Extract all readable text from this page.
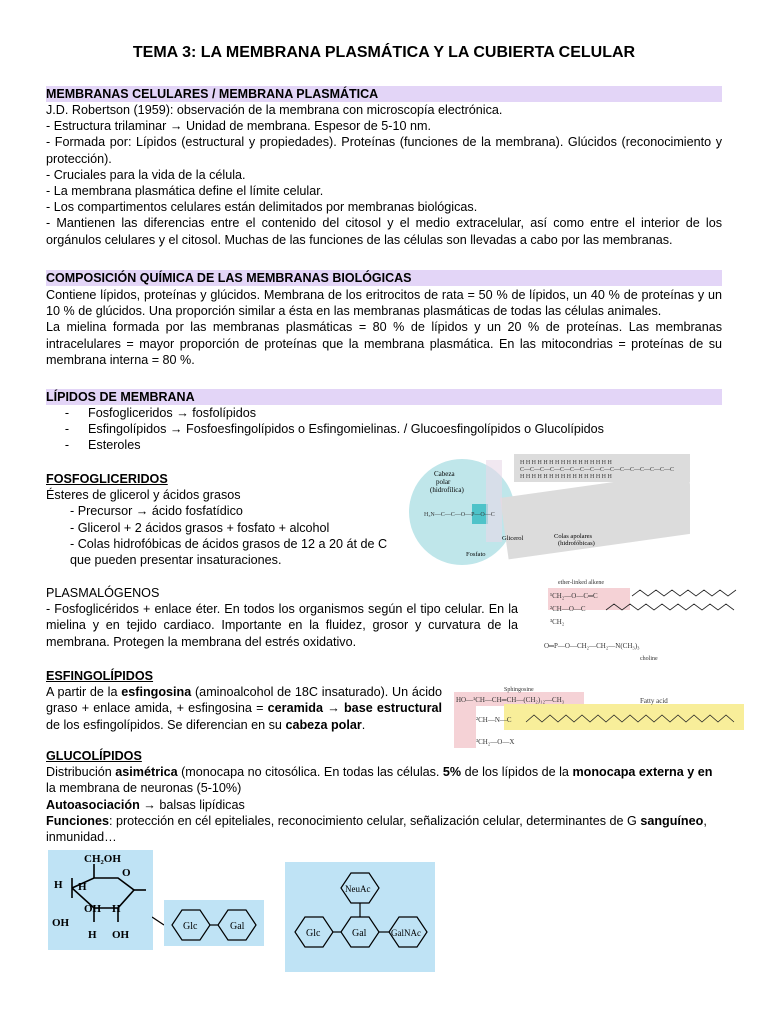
TEMA 3: LA MEMBRANA PLASMÁTICA Y LA CUBIERTA CELULAR
MEMBRANAS CELULARES / MEMBRANA PLASMÁTICA
J.D. Robertson (1959): observación de la membrana con microscopía electrónica.
- Estructura trilaminar → Unidad de membrana. Espesor de 5-10 nm.
- Formada por: Lípidos (estructural y propiedades). Proteínas (funciones de la membrana). Glúcidos (reconocimiento y protección).
- Cruciales para la vida de la célula.
- La membrana plasmática define el límite celular.
- Los compartimentos celulares están delimitados por membranas biológicas.
- Mantienen las diferencias entre el contenido del citosol y el medio extracelular, así como entre el interior de los orgánulos celulares y el citosol. Muchas de las funciones de las células son llevadas a cabo por las membranas.
COMPOSICIÓN QUÍMICA DE LAS MEMBRANAS BIOLÓGICAS
Contiene lípidos, proteínas y glúcidos. Membrana de los eritrocitos de rata = 50 % de lípidos, un 40 % de proteínas y un 10 % de glúcidos. Una proporción similar a ésta en las membranas plasmáticas de todas las células animales.
La mielina formada por las membranas plasmáticas = 80 % de lípidos y un 20 % de proteínas. Las membranas intracelulares = mayor proporción de proteínas que la membrana plasmática. En las mitocondrias = proteínas de su membrana interna = 80 %.
LÍPIDOS DE MEMBRANA
- Fosfogliceridos → fosfolípidos
- Esfingolípidos → Fosfoesfingolípidos o Esfingomielinas. / Glucoesfingolípidos o Glucolípidos
- Esteroles
FOSFOGLICERIDOS
Ésteres de glicerol y ácidos grasos
- Precursor → ácido fosfatídico
- Glicerol + 2 ácidos grasos + fosfato + alcohol
- Colas hidrofóbicas de ácidos grasos de 12 a 20 át de C
que pueden presentar insaturaciones.
Cabeza
polar
(hidrofílica)
Colas apolares
(hidrofóbicas)
Glicerol
Fosfato
H H H H H H H H H H H H H H H H
C—C—C—C—C—C—C—C—C—C—C—C—C—C—C—C
H H H H H H H H H H H H H H H H
H₃N—C—C—O—P—O—C
PLASMALÓGENOS
- Fosfoglicéridos + enlace éter. En todos los organismos según el tipo celular. En la mielina y en tejido cardiaco. Importante en la fluidez, grosor y curvatura de la membrana. Protegen la membrana del estrés oxidativo.
ether-linked alkene
¹CH₂—O—C═C
²CH—O—C
³CH₂
O═P—O—CH₂—CH₂—N(CH₃)₃
choline
ESFINGOLÍPIDOS
A partir de la esfingosina (aminoalcohol de 18C insaturado). Un ácido graso + enlace amida, + esfingosina = ceramida → base estructural de los esfingolípidos. Se diferencian en su cabeza polar.
Sphingosine
Fatty acid
HO—¹CH—CH═CH—(CH₂)₁₂—CH₃
²CH—N—C
³CH₂—O—X
GLUCOLÍPIDOS
Distribución asimétrica (monocapa no citosólica. En todas las células. 5% de los lípidos de la monocapa externa y en la membrana de neuronas (5-10%)
Autoasociación → balsas lipídicas
Funciones: protección en cél epiteliales, reconocimiento celular, señalización celular, determinantes de G sanguíneo, inmunidad…
CH₂OH
O
H
OH H
OH
H OH
H
Glc	Gal
Glc	Gal	GalNAc
NeuAc
